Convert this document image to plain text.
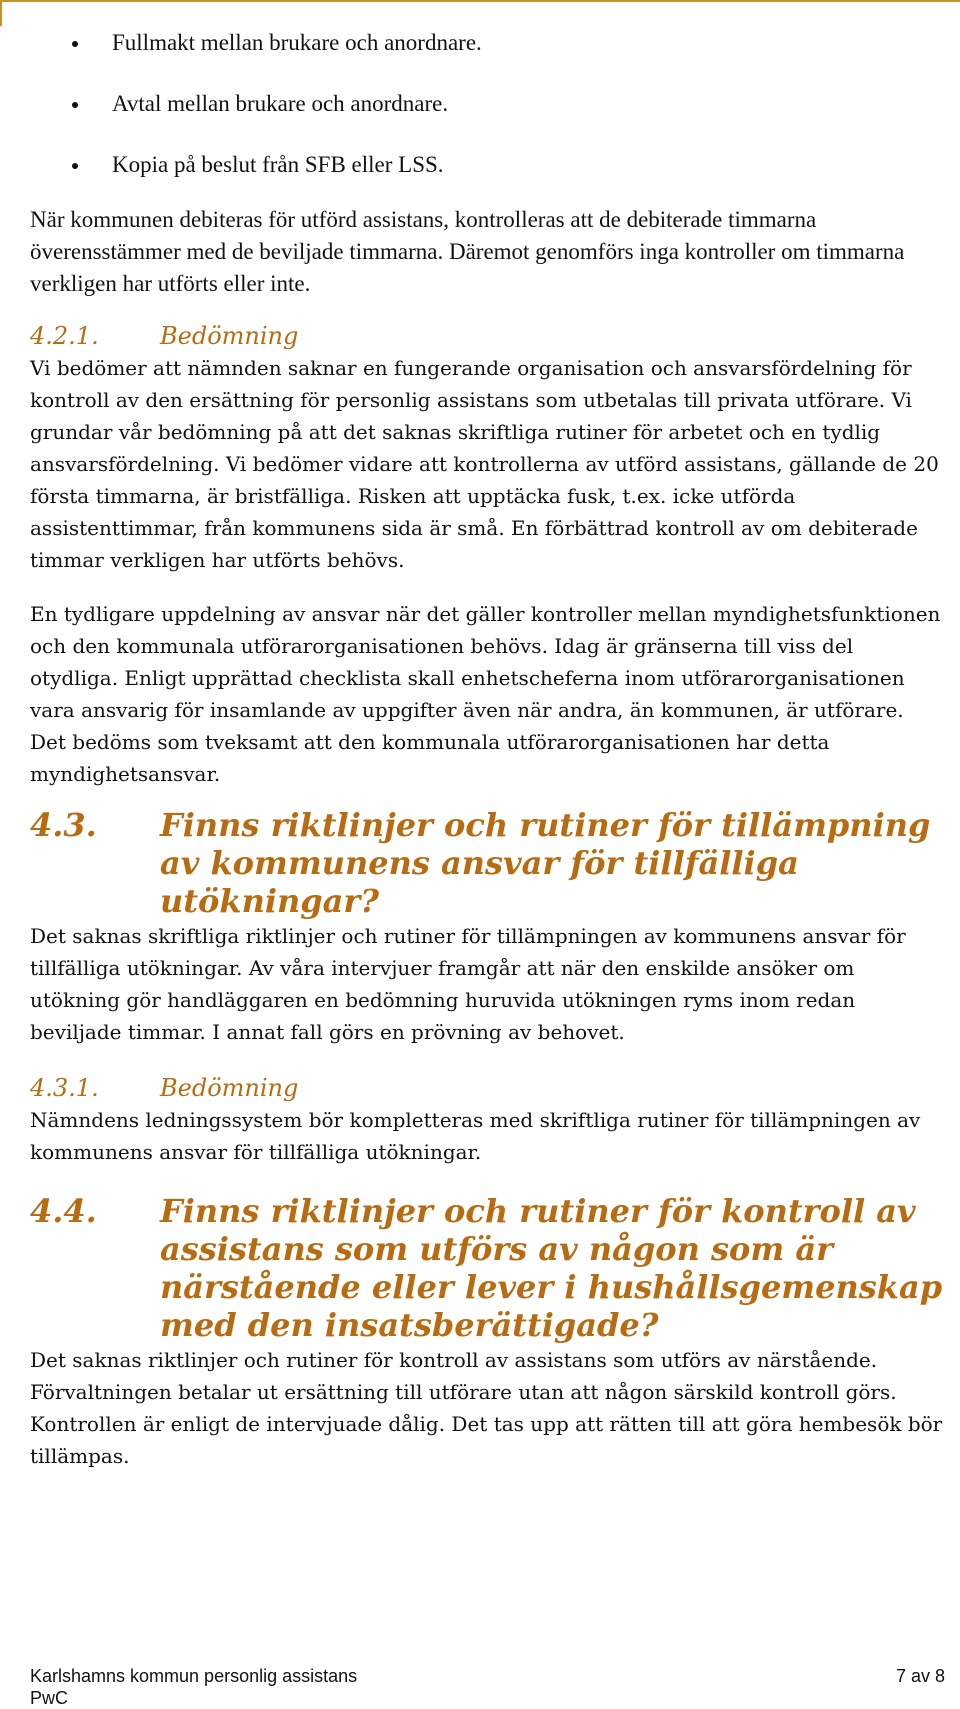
Fullmakt mellan brukare och anordnare.
Avtal mellan brukare och anordnare.
Kopia på beslut från SFB eller LSS.

När kommunen debiteras för utförd assistans, kontrolleras att de debiterade timmarna överensstämmer med de beviljade timmarna. Däremot genomförs inga kontroller om timmarna verkligen har utförts eller inte.

4.2.1.	Bedömning

Vi bedömer att nämnden saknar en fungerande organisation och ansvarsfördelning för kontroll av den ersättning för personlig assistans som utbetalas till privata utförare. Vi grundar vår bedömning på att det saknas skriftliga rutiner för arbetet och en tydlig ansvarsfördelning. Vi bedömer vidare att kontrollerna av utförd assistans, gällande de 20 första timmarna, är bristfälliga. Risken att upptäcka fusk, t.ex. icke utförda assistenttimmar, från kommunens sida är små. En förbättrad kontroll av om debiterade timmar verkligen har utförts behövs.

En tydligare uppdelning av ansvar när det gäller kontroller mellan myndighetsfunktionen och den kommunala utförarorganisationen behövs. Idag är gränserna till viss del otydliga. Enligt upprättad checklista skall enhetscheferna inom utförarorganisationen vara ansvarig för insamlande av uppgifter även när andra, än kommunen, är utförare. Det bedöms som tveksamt att den kommunala utförarorganisationen har detta myndighetsansvar.

4.3.	Finns riktlinjer och rutiner för tillämpning av kommunens ansvar för tillfälliga utökningar?

Det saknas skriftliga riktlinjer och rutiner för tillämpningen av kommunens ansvar för tillfälliga utökningar. Av våra intervjuer framgår att när den enskilde ansöker om utökning gör handläggaren en bedömning huruvida utökningen ryms inom redan beviljade timmar. I annat fall görs en prövning av behovet.

4.3.1.	Bedömning

Nämndens ledningssystem bör kompletteras med skriftliga rutiner för tillämpningen av kommunens ansvar för tillfälliga utökningar.

4.4.	Finns riktlinjer och rutiner för kontroll av assistans som utförs av någon som är närstående eller lever i hushållsgemenskap med den insatsberättigade?

Det saknas riktlinjer och rutiner för kontroll av assistans som utförs av närstående. Förvaltningen betalar ut ersättning till utförare utan att någon särskild kontroll görs. Kontrollen är enligt de intervjuade dålig. Det tas upp att rätten till att göra hembesök bör tillämpas.

Karlshamns kommun personlig assistans	7 av 8
PwC
